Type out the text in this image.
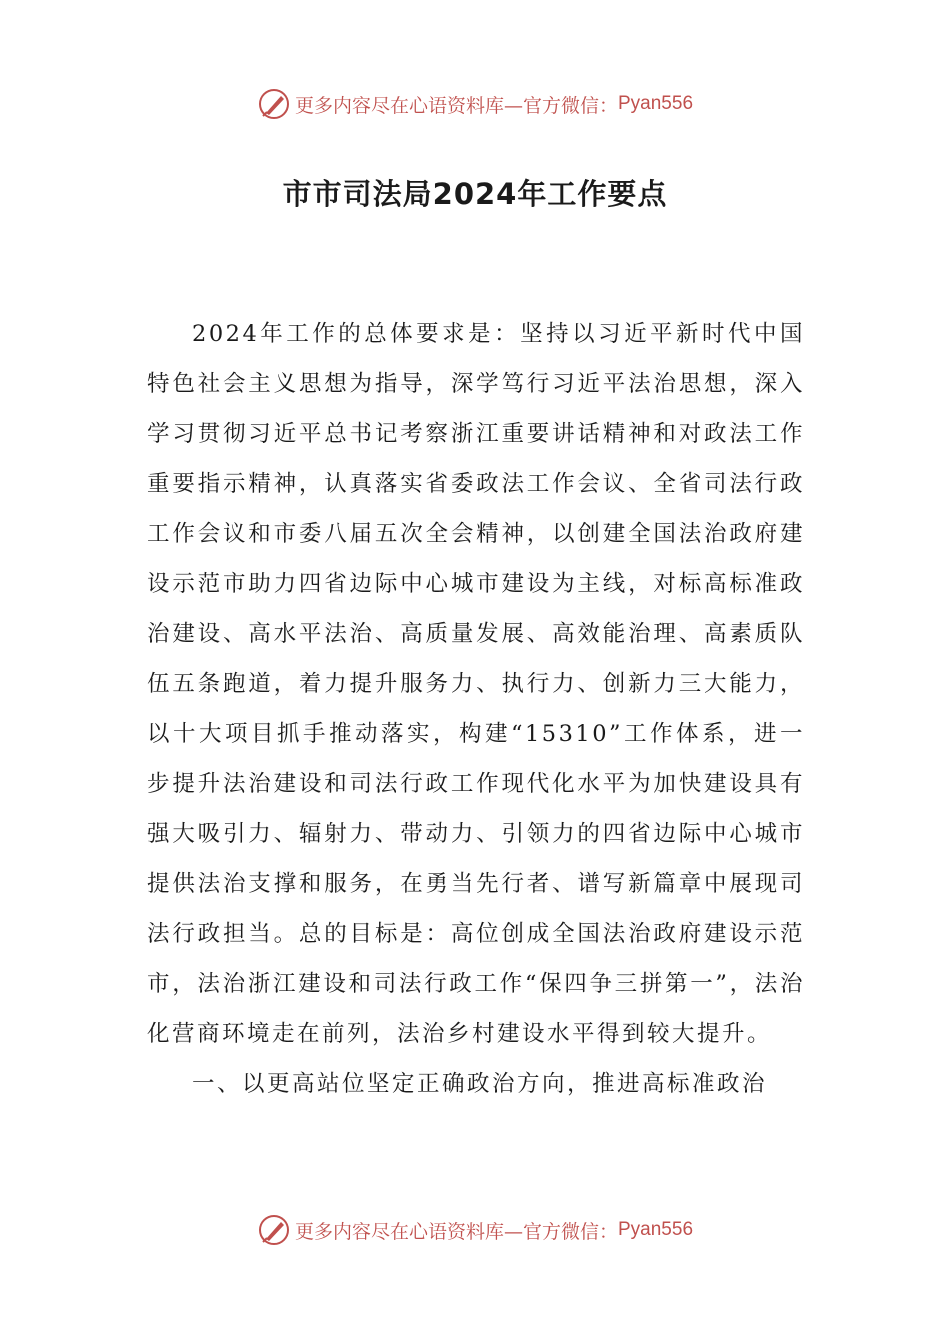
更多内容尽在心语资料库—官方微信： Pyan556
市市司法局2024年工作要点

2024年工作的总体要求是：坚持以习近平新时代中国特色社会主义思想为指导，深学笃行习近平法治思想，深入学习贯彻习近平总书记考察浙江重要讲话精神和对政法工作重要指示精神，认真落实省委政法工作会议、全省司法行政工作会议和市委八届五次全会精神，以创建全国法治政府建设示范市助力四省边际中心城市建设为主线，对标高标准政治建设、高水平法治、高质量发展、高效能治理、高素质队伍五条跑道，着力提升服务力、执行力、创新力三大能力，以十大项目抓手推动落实，构建“15310”工作体系，进一步提升法治建设和司法行政工作现代化水平为加快建设具有强大吸引力、辐射力、带动力、引领力的四省边际中心城市提供法治支撑和服务，在勇当先行者、谱写新篇章中展现司法行政担当。总的目标是：高位创成全国法治政府建设示范市，法治浙江建设和司法行政工作“保四争三拼第一”，法治化营商环境走在前列，法治乡村建设水平得到较大提升。

一、以更高站位坚定正确政治方向，推进高标准政治

更多内容尽在心语资料库—官方微信： Pyan556
